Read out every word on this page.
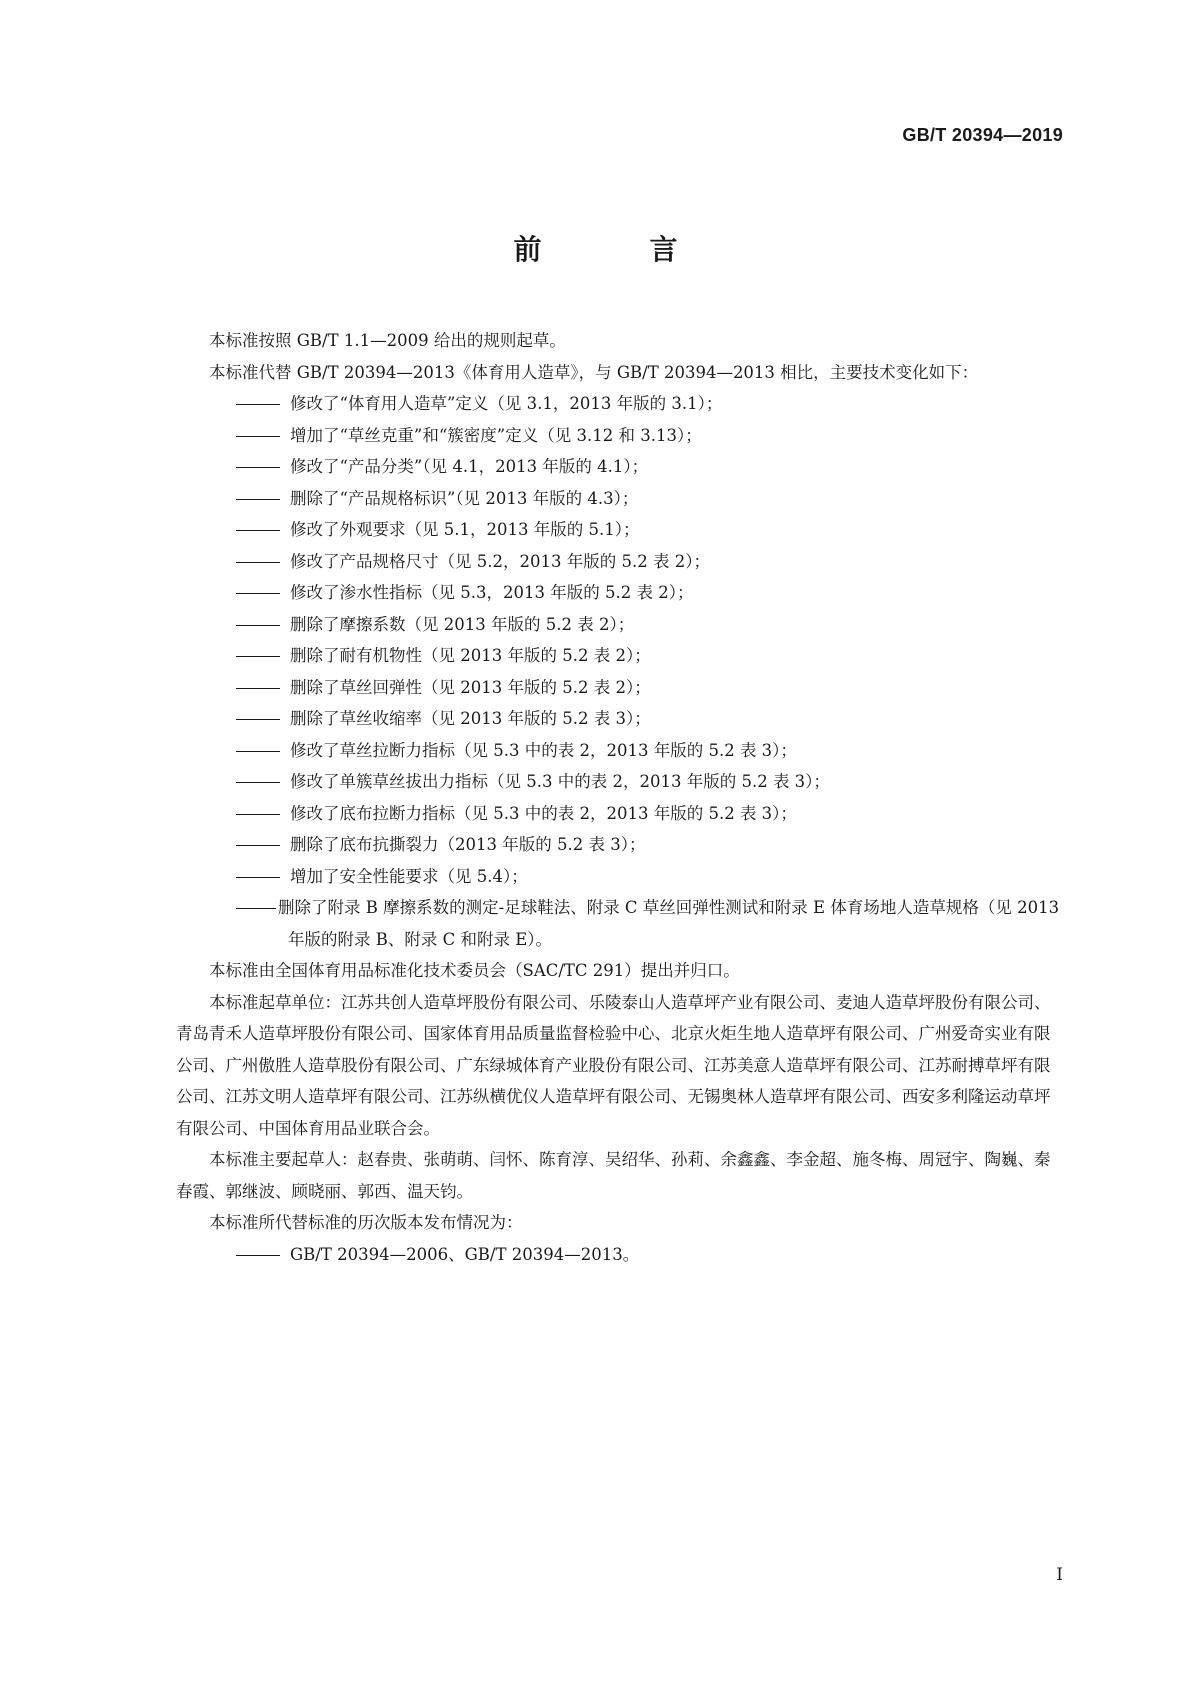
GB/T 20394—2019
前　言

本标准按照 GB/T 1.1—2009 给出的规则起草。

本标准代替 GB/T 20394—2013《体育用人造草》，与 GB/T 20394—2013 相比，主要技术变化如下：

修改了“体育用人造草”定义（见 3.1，2013 年版的 3.1）；
增加了“草丝克重”和“簇密度”定义（见 3.12 和 3.13）；
修改了“产品分类”（见 4.1，2013 年版的 4.1）；
删除了“产品规格标识”（见 2013 年版的 4.3）；
修改了外观要求（见 5.1，2013 年版的 5.1）；
修改了产品规格尺寸（见 5.2，2013 年版的 5.2 表 2）；
修改了渗水性指标（见 5.3，2013 年版的 5.2 表 2）；
删除了摩擦系数（见 2013 年版的 5.2 表 2）；
删除了耐有机物性（见 2013 年版的 5.2 表 2）；
删除了草丝回弹性（见 2013 年版的 5.2 表 2）；
删除了草丝收缩率（见 2013 年版的 5.2 表 3）；
修改了草丝拉断力指标（见 5.3 中的表 2，2013 年版的 5.2 表 3）；
修改了单簇草丝拔出力指标（见 5.3 中的表 2，2013 年版的 5.2 表 3）；
修改了底布拉断力指标（见 5.3 中的表 2，2013 年版的 5.2 表 3）；
删除了底布抗撕裂力（2013 年版的 5.2 表 3）；
增加了安全性能要求（见 5.4）；
删除了附录 B 摩擦系数的测定-足球鞋法、附录 C 草丝回弹性测试和附录 E 体育场地人造草规格（见 2013 年版的附录 B、附录 C 和附录 E）。

本标准由全国体育用品标准化技术委员会（SAC/TC 291）提出并归口。

本标准起草单位：江苏共创人造草坪股份有限公司、乐陵泰山人造草坪产业有限公司、麦迪人造草坪股份有限公司、青岛青禾人造草坪股份有限公司、国家体育用品质量监督检验中心、北京火炬生地人造草坪有限公司、广州爱奇实业有限公司、广州傲胜人造草股份有限公司、广东绿城体育产业股份有限公司、江苏美意人造草坪有限公司、江苏耐搏草坪有限公司、江苏文明人造草坪有限公司、江苏纵横优仪人造草坪有限公司、无锡奥林人造草坪有限公司、西安多利隆运动草坪有限公司、中国体育用品业联合会。

本标准主要起草人：赵春贵、张萌萌、闫怀、陈育淳、吴绍华、孙莉、余鑫鑫、李金超、施冬梅、周冠宇、陶巍、秦春霞、郭继波、顾晓丽、郭西、温天钧。

本标准所代替标准的历次版本发布情况为：

GB/T 20394—2006、GB/T 20394—2013。
I
